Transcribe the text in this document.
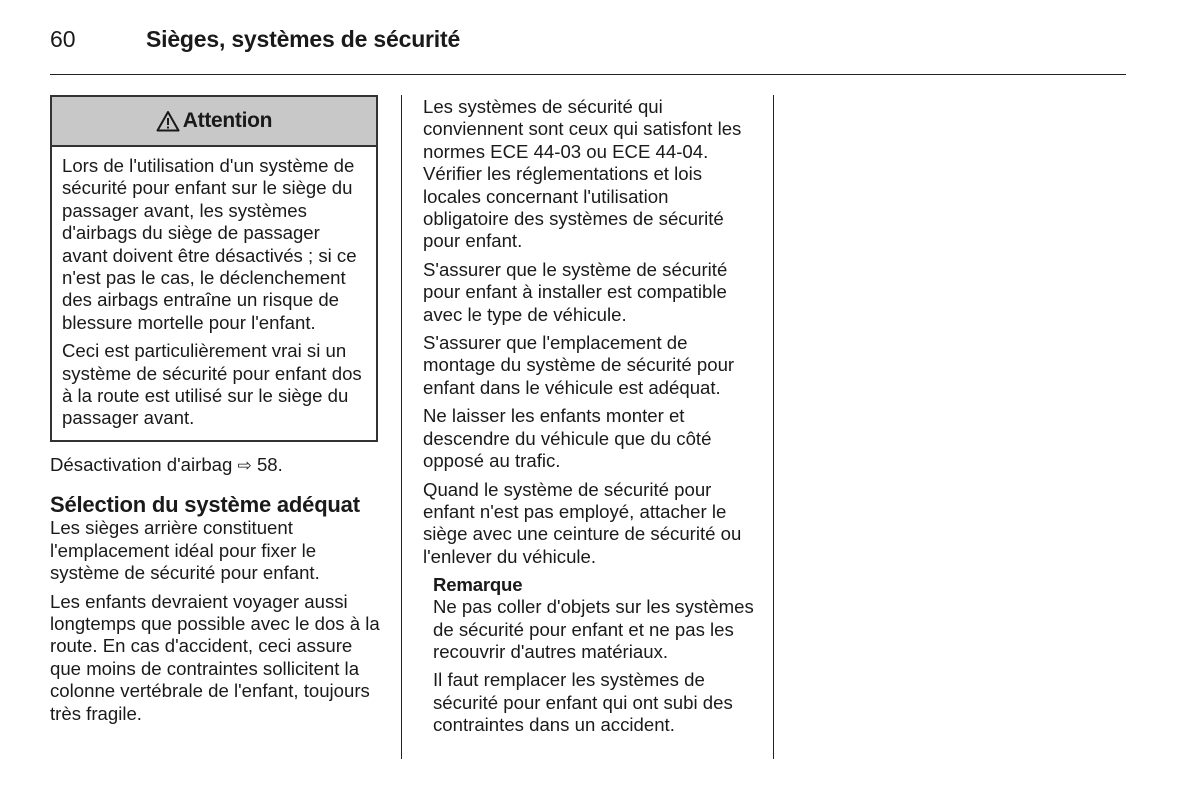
60	Sièges, systèmes de sécurité
Attention

Lors de l'utilisation d'un système de sécurité pour enfant sur le siège du passager avant, les systèmes d'airbags du siège de passager avant doivent être désactivés ; si ce n'est pas le cas, le déclenchement des airbags entraîne un risque de blessure mortelle pour l'enfant.

Ceci est particulièrement vrai si un système de sécurité pour enfant dos à la route est utilisé sur le siège du passager avant.

Désactivation d'airbag ⇨ 58.

Sélection du système adéquat

Les sièges arrière constituent l'emplacement idéal pour fixer le système de sécurité pour enfant.

Les enfants devraient voyager aussi longtemps que possible avec le dos à la route. En cas d'accident, ceci assure que moins de contraintes sollicitent la colonne vertébrale de l'enfant, toujours très fragile.

Les systèmes de sécurité qui conviennent sont ceux qui satisfont les normes ECE 44-03 ou ECE 44-04. Vérifier les réglementations et lois locales concernant l'utilisation obligatoire des systèmes de sécurité pour enfant.

S'assurer que le système de sécurité pour enfant à installer est compatible avec le type de véhicule.

S'assurer que l'emplacement de montage du système de sécurité pour enfant dans le véhicule est adéquat.

Ne laisser les enfants monter et descendre du véhicule que du côté opposé au trafic.

Quand le système de sécurité pour enfant n'est pas employé, attacher le siège avec une ceinture de sécurité ou l'enlever du véhicule.

Remarque

Ne pas coller d'objets sur les systèmes de sécurité pour enfant et ne pas les recouvrir d'autres matériaux.

Il faut remplacer les systèmes de sécurité pour enfant qui ont subi des contraintes dans un accident.
